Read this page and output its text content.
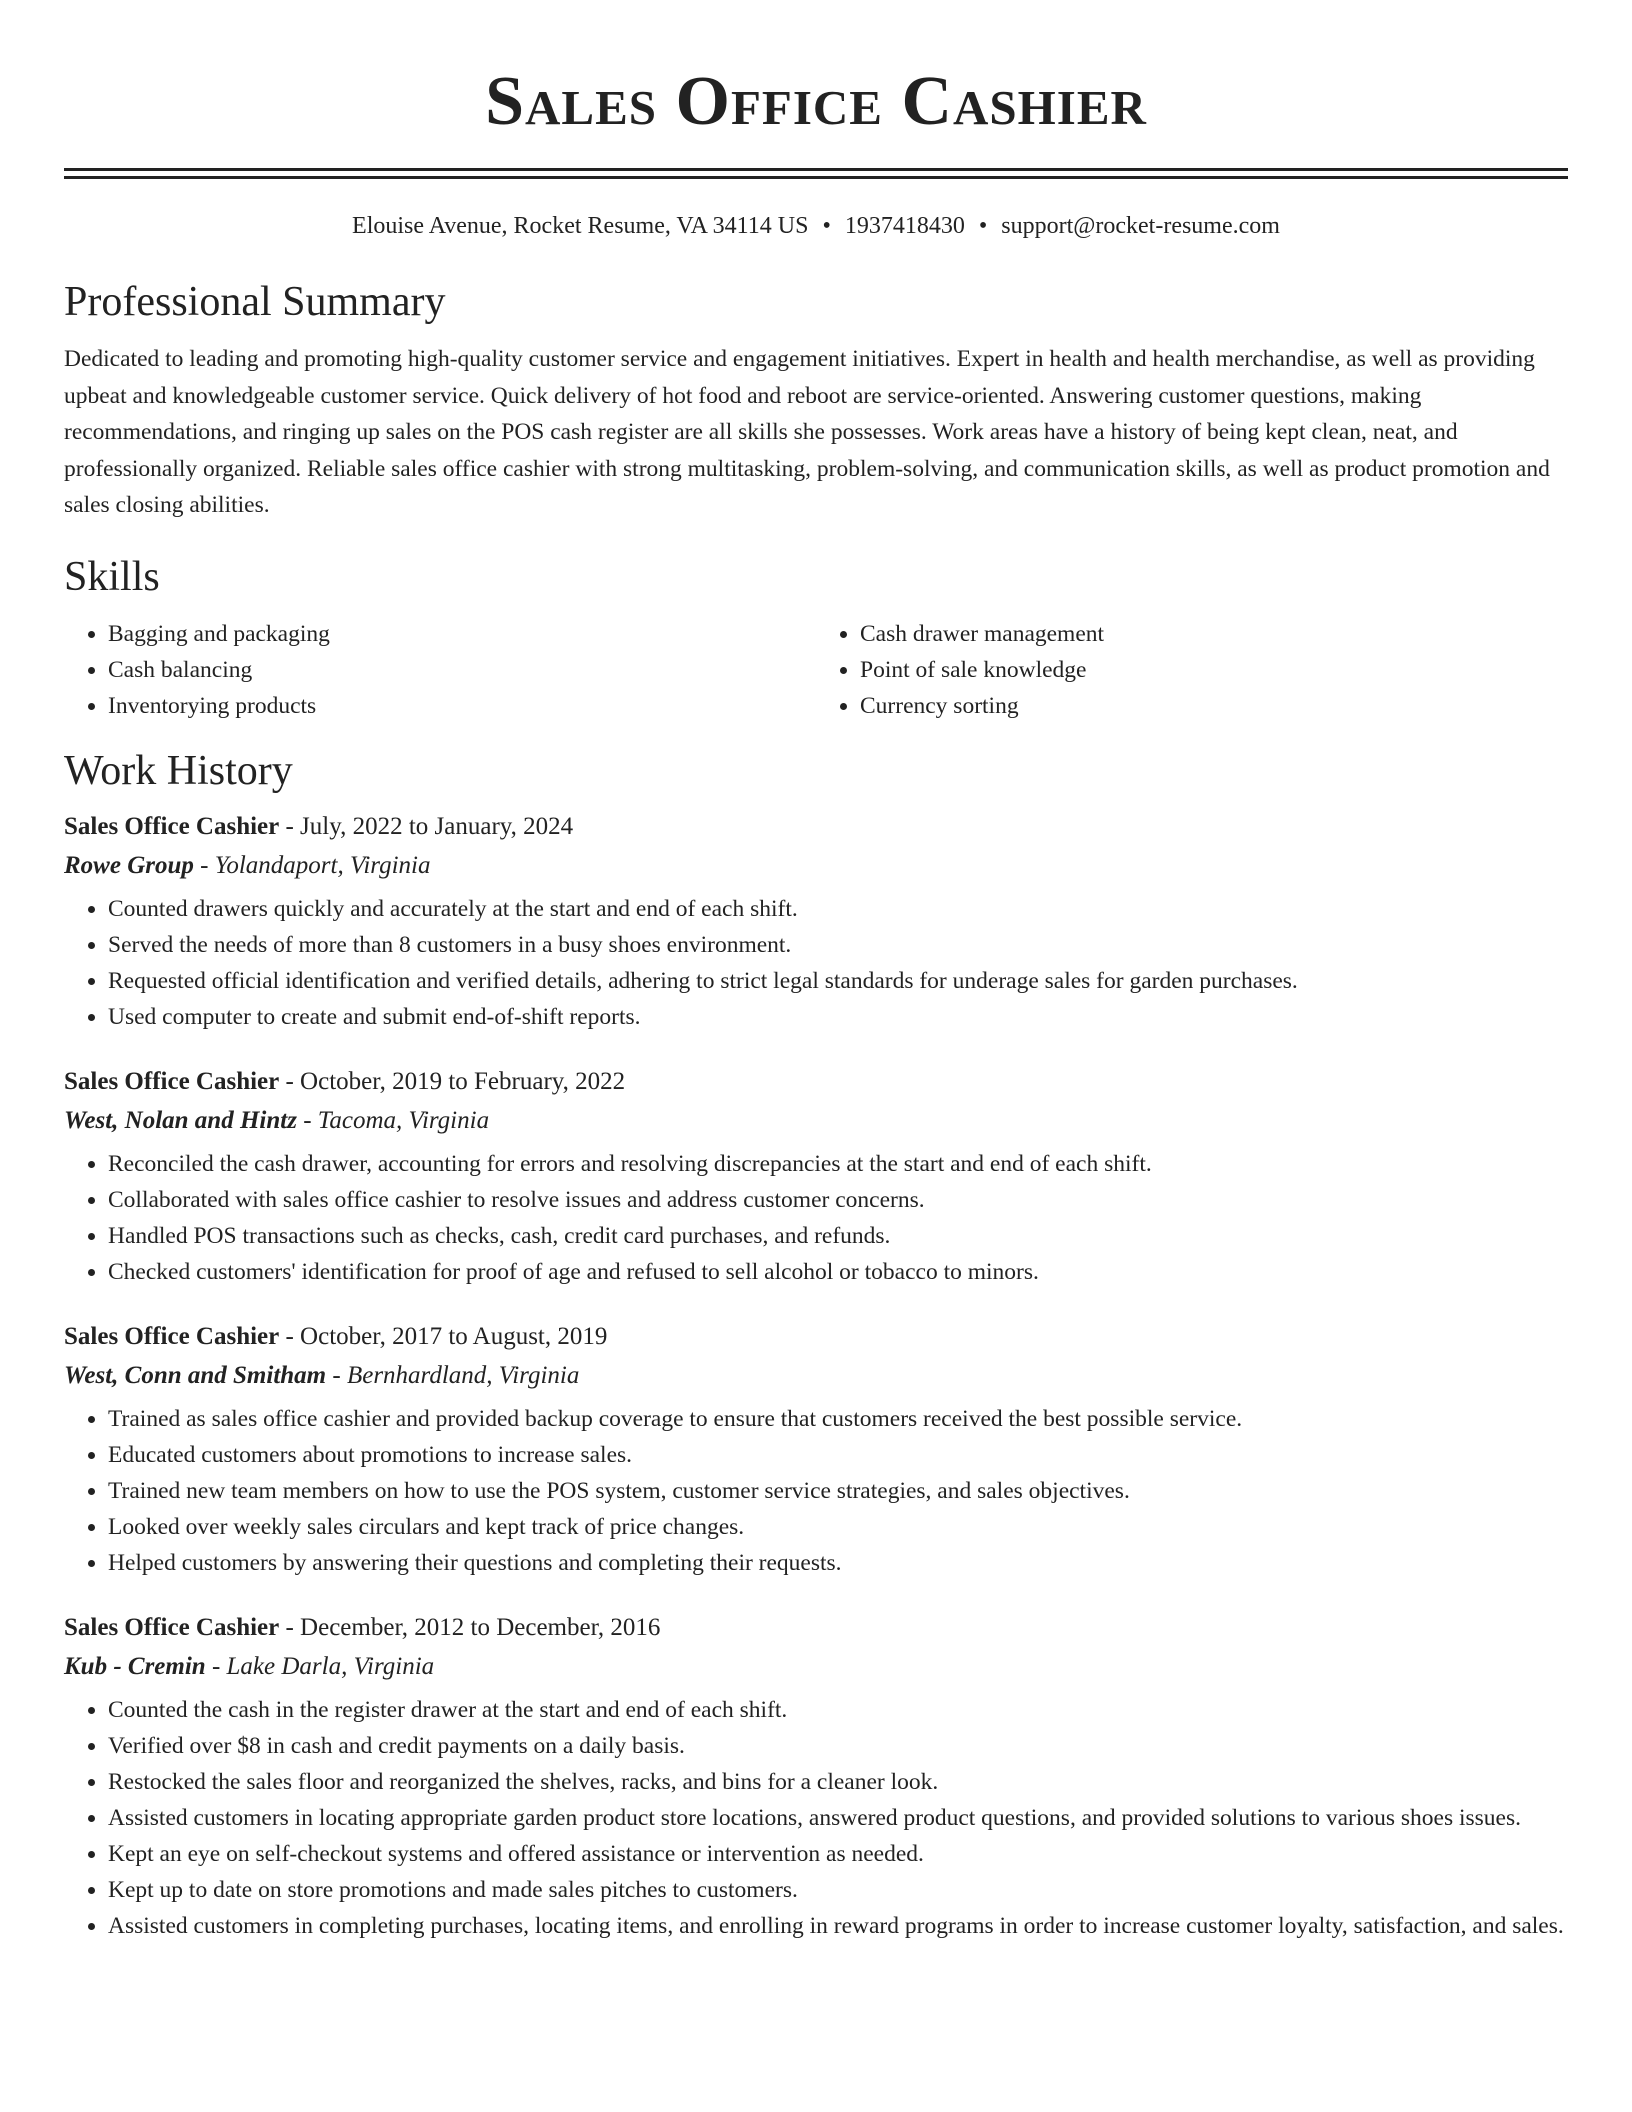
Sales Office Cashier
Elouise Avenue, Rocket Resume, VA 34114 US • 1937418430 • support@rocket-resume.com
Professional Summary

Dedicated to leading and promoting high-quality customer service and engagement initiatives. Expert in health and health merchandise, as well as providing upbeat and knowledgeable customer service. Quick delivery of hot food and reboot are service-oriented. Answering customer questions, making recommendations, and ringing up sales on the POS cash register are all skills she possesses. Work areas have a history of being kept clean, neat, and professionally organized. Reliable sales office cashier with strong multitasking, problem-solving, and communication skills, as well as product promotion and sales closing abilities.

Skills
• Bagging and packaging
• Cash balancing
• Inventorying products
• Cash drawer management
• Point of sale knowledge
• Currency sorting
Work History
Sales Office Cashier - July, 2022 to January, 2024
Rowe Group - Yolandaport, Virginia
• Counted drawers quickly and accurately at the start and end of each shift.
• Served the needs of more than 8 customers in a busy shoes environment.
• Requested official identification and verified details, adhering to strict legal standards for underage sales for garden purchases.
• Used computer to create and submit end-of-shift reports.
Sales Office Cashier - October, 2019 to February, 2022
West, Nolan and Hintz - Tacoma, Virginia
• Reconciled the cash drawer, accounting for errors and resolving discrepancies at the start and end of each shift.
• Collaborated with sales office cashier to resolve issues and address customer concerns.
• Handled POS transactions such as checks, cash, credit card purchases, and refunds.
• Checked customers' identification for proof of age and refused to sell alcohol or tobacco to minors.
Sales Office Cashier - October, 2017 to August, 2019
West, Conn and Smitham - Bernhardland, Virginia
• Trained as sales office cashier and provided backup coverage to ensure that customers received the best possible service.
• Educated customers about promotions to increase sales.
• Trained new team members on how to use the POS system, customer service strategies, and sales objectives.
• Looked over weekly sales circulars and kept track of price changes.
• Helped customers by answering their questions and completing their requests.
Sales Office Cashier - December, 2012 to December, 2016
Kub - Cremin - Lake Darla, Virginia
• Counted the cash in the register drawer at the start and end of each shift.
• Verified over $8 in cash and credit payments on a daily basis.
• Restocked the sales floor and reorganized the shelves, racks, and bins for a cleaner look.
• Assisted customers in locating appropriate garden product store locations, answered product questions, and provided solutions to various shoes issues.
• Kept an eye on self-checkout systems and offered assistance or intervention as needed.
• Kept up to date on store promotions and made sales pitches to customers.
• Assisted customers in completing purchases, locating items, and enrolling in reward programs in order to increase customer loyalty, satisfaction, and sales.
